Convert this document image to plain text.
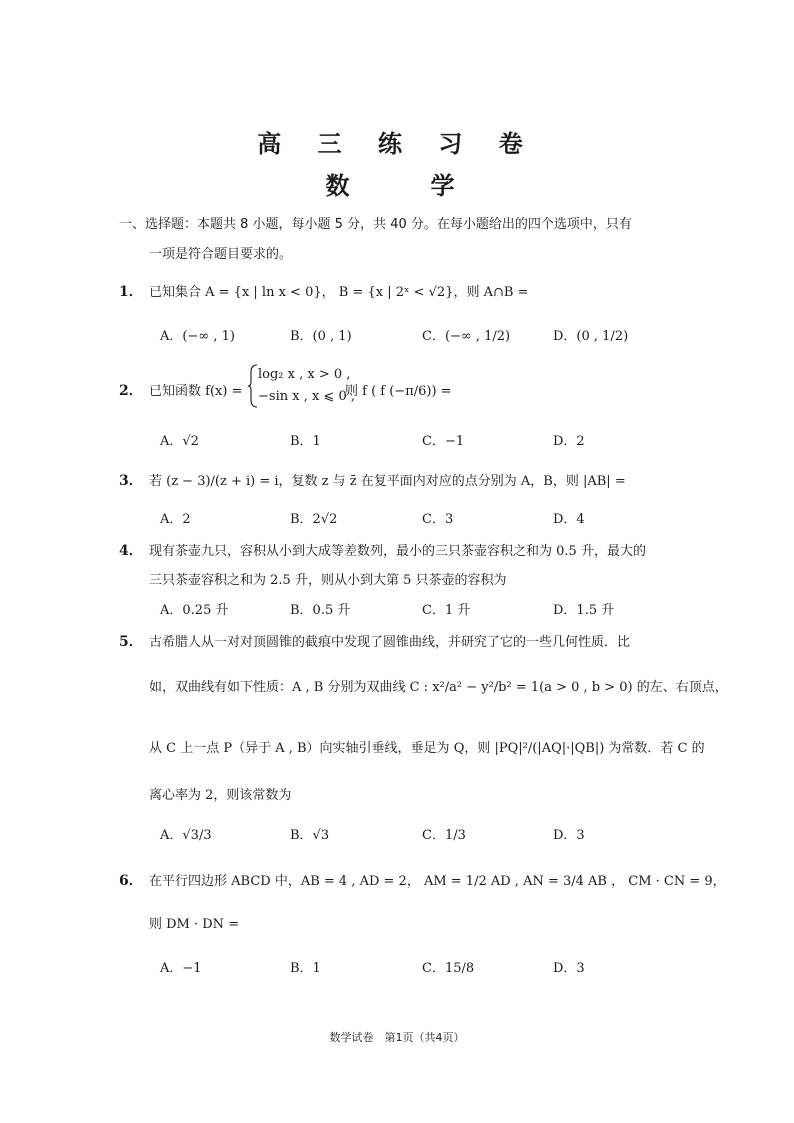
高 三 练 习 卷
数   学
一、选择题：本题共 8 小题，每小题 5 分，共 40 分。在每小题给出的四个选项中，只有
一项是符合题目要求的。
1． 已知集合 A = {x | ln x < 0}， B = {x | 2ˣ < √2}，则 A∩B =
A．(−∞ , 1)	B．(0 , 1)	C．(−∞ , 1/2)	D．(0 , 1/2)
2． 已知函数 f(x) =
log₂ x , x > 0 ,
−sin x , x ⩽ 0 ,
则 f ( f (−π/6)) =
A．√2	B．1	C．−1	D．2
3． 若 (z − 3)/(z + i) = i，复数 z 与 z̄ 在复平面内对应的点分别为 A，B，则 |AB| =
A．2	B．2√2	C．3	D．4
4． 现有茶壶九只，容积从小到大成等差数列，最小的三只茶壶容积之和为 0.5 升，最大的
三只茶壶容积之和为 2.5 升，则从小到大第 5 只茶壶的容积为
A．0.25 升	B．0.5 升	C．1 升	D．1.5 升
5． 古希腊人从一对对顶圆锥的截痕中发现了圆锥曲线，并研究了它的一些几何性质．比
如，双曲线有如下性质：A , B 分别为双曲线 C : x²/a² − y²/b² = 1(a > 0 , b > 0) 的左、右顶点，
从 C 上一点 P（异于 A , B）向实轴引垂线，垂足为 Q，则 |PQ|²/(|AQ|·|QB|) 为常数．若 C 的
离心率为 2，则该常数为
A．√3/3	B．√3	C．1/3	D．3
6． 在平行四边形 ABCD 中，AB = 4 , AD = 2， AM = 1/2 AD , AN = 3/4 AB ， CM · CN = 9，
则 DM · DN =
A．−1	B．1	C．15/8	D．3
数学试卷　第1页（共4页）
